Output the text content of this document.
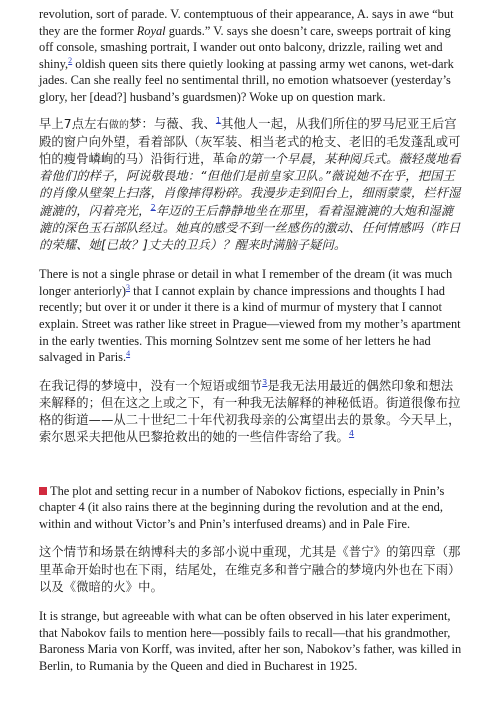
revolution, sort of parade. V. contemptuous of their appearance, A. says in awe “but they are the former Royal guards.” V. says she doesn’t care, sweeps portrait of king off console, smashing portrait, I wander out onto balcony, drizzle, railing wet and shiny,$^2$ oldish queen sits there quietly looking at passing army wet canons, wet-dark jades. Can she really feel no sentimental thrill, no emotion whatsoever (yesterday’s glory, her [dead?] husband’s guardsmen)? Woke up on question mark.

早上7点左右做的梦：与薇、我、$^1$其他人一起，从我们所住的罗马尼亚王后宫殿的窗户向外望，看着部队（灰军装、相当老式的枪支、老旧的毛发蓬乱或可怕的瘦骨嶙峋的马）沿街行进，革命的第一个早晨，某种阅兵式。薇轻蔑地看着他们的样子，阿说敬畏地：“但他们是前皇家卫队。”薇说她不在乎，把国王的肖像从壁架上扫落，肖像摔得粉碎。我漫步走到阳台上，细雨蒙蒙，栏杆湿漉漉的，闪着亮光，$^2$年迈的王后静静地坐在那里，看着湿漉漉的大炮和湿漉漉的深色玉石部队经过。她真的感受不到一丝感伤的激动、任何情感吗（昨日的荣耀、她[已故？]丈夫的卫兵）？醒来时满脑子疑问。

There is not a single phrase or detail in what I remember of the dream (it was much longer anteriorly)$^3$ that I cannot explain by chance impressions and thoughts I had recently; but over it or under it there is a kind of murmur of mystery that I cannot explain. Street was rather like street in Prague—viewed from my mother’s apartment in the early twenties. This morning Solntzev sent me some of her letters he had salvaged in Paris.$^4$

在我记得的梦境中，没有一个短语或细节$^3$是我无法用最近的偶然印象和想法来解释的；但在这之上或之下，有一种我无法解释的神秘低语。街道很像布拉格的街道——从二十世纪二十年代初我母亲的公寓望出去的景象。今天早上，索尔恩采夫把他从巴黎抢救出的她的一些信件寄给了我。$^4$

The plot and setting recur in a number of Nabokov fictions, especially in Pnin’s chapter 4 (it also rains there at the beginning during the revolution and at the end, within and without Victor’s and Pnin’s interfused dreams) and in Pale Fire.

这个情节和场景在纳博科夫的多部小说中重现，尤其是《普宁》的第四章（那里革命开始时也在下雨，结尾处，在维克多和普宁融合的梦境内外也在下雨）以及《微暗的火》中。

It is strange, but agreeable with what can be often observed in his later experiment, that Nabokov fails to mention here—possibly fails to recall—that his grandmother, Baroness Maria von Korff, was invited, after her son, Nabokov’s father, was killed in Berlin, to Rumania by the Queen and died in Bucharest in 1925.
